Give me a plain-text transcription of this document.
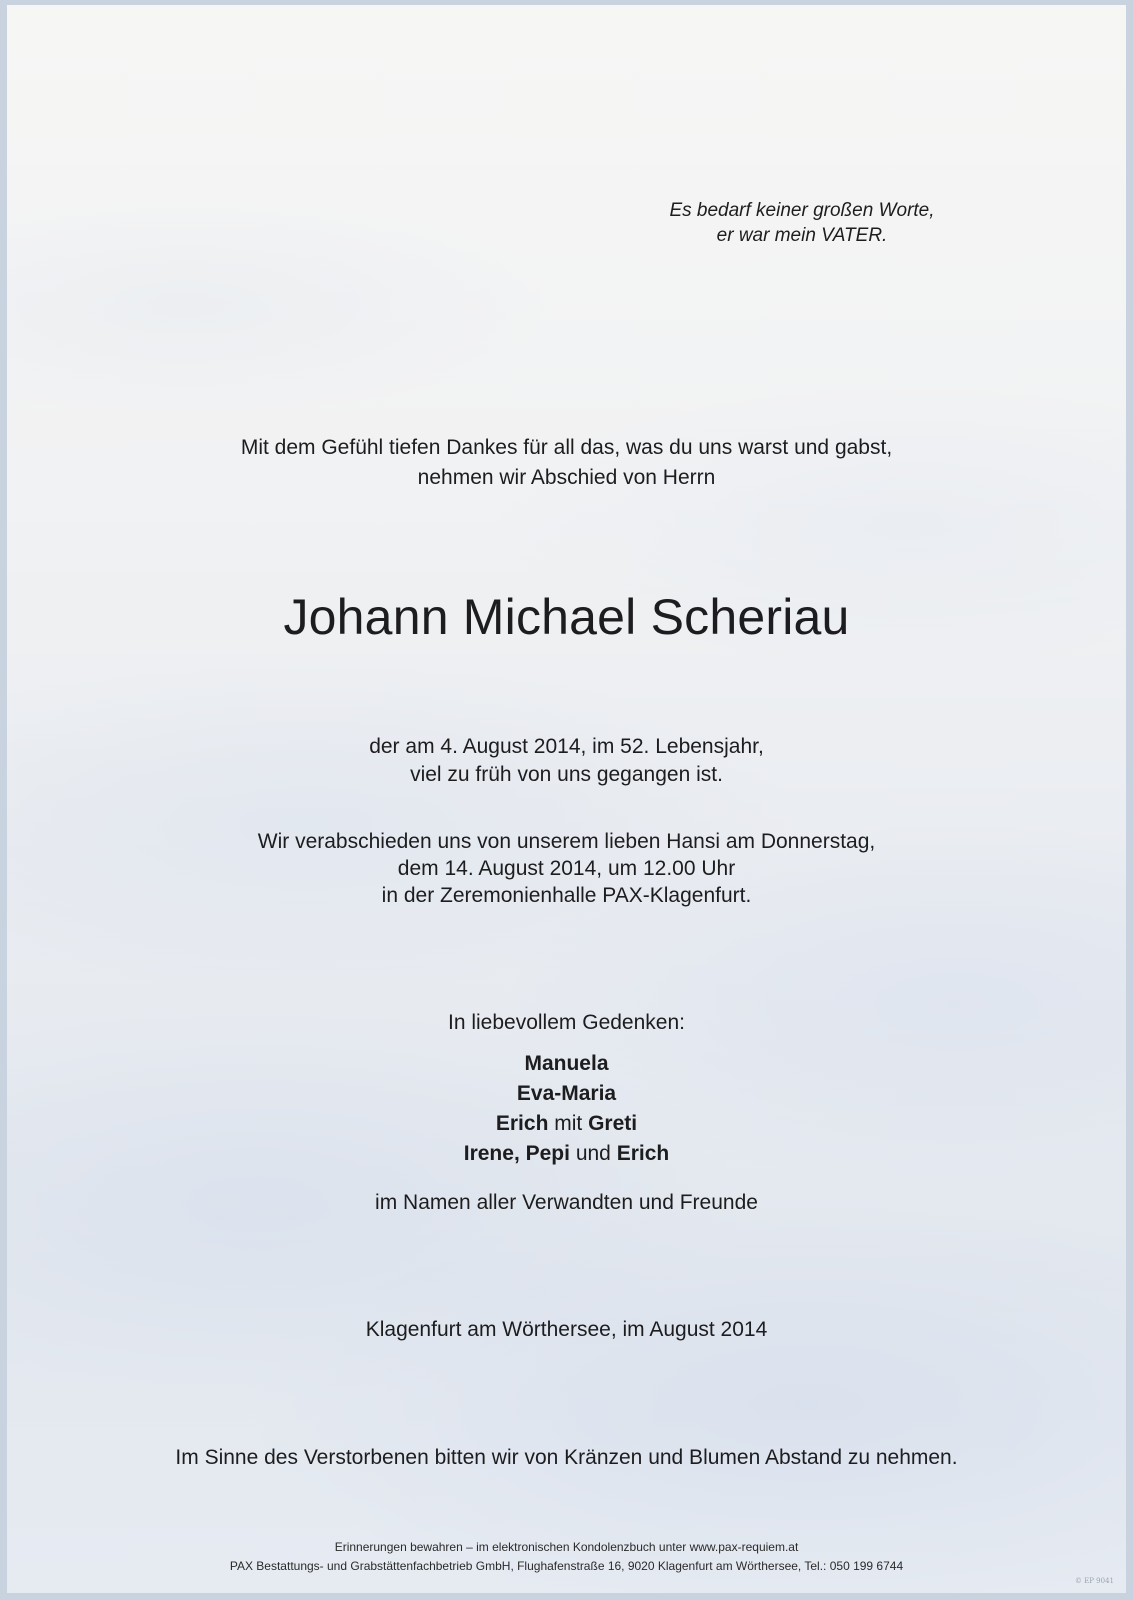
Es bedarf keiner großen Worte,
er war mein VATER.
Mit dem Gefühl tiefen Dankes für all das, was du uns warst und gabst,
nehmen wir Abschied von Herrn
Johann Michael Scheriau
der am 4. August 2014, im 52. Lebensjahr,
viel zu früh von uns gegangen ist.
Wir verabschieden uns von unserem lieben Hansi am Donnerstag,
dem 14. August 2014, um 12.00 Uhr
in der Zeremonienhalle PAX-Klagenfurt.
In liebevollem Gedenken:
Manuela
Eva-Maria
Erich mit Greti
Irene, Pepi und Erich
im Namen aller Verwandten und Freunde
Klagenfurt am Wörthersee, im August 2014
Im Sinne des Verstorbenen bitten wir von Kränzen und Blumen Abstand zu nehmen.
Erinnerungen bewahren – im elektronischen Kondolenzbuch unter www.pax-requiem.at
PAX Bestattungs- und Grabstättenfachbetrieb GmbH, Flughafenstraße 16, 9020 Klagenfurt am Wörthersee, Tel.: 050 199 6744
© EP 9041
